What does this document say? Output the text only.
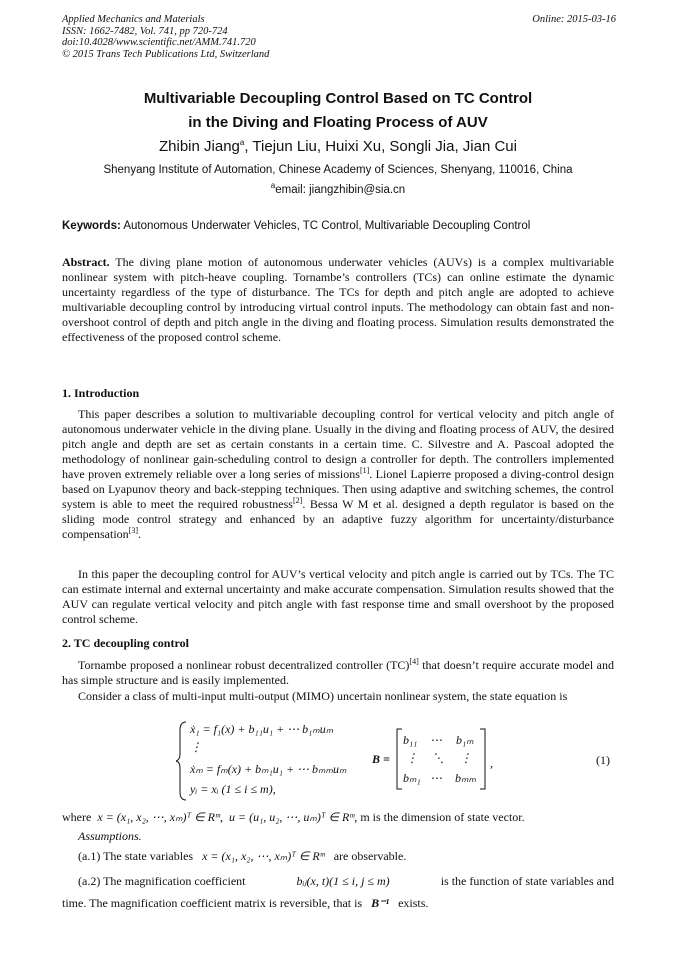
Applied Mechanics and Materials
ISSN: 1662-7482, Vol. 741, pp 720-724
doi:10.4028/www.scientific.net/AMM.741.720
© 2015 Trans Tech Publications Ltd, Switzerland
Online: 2015-03-16
Multivariable Decoupling Control Based on TC Control
in the Diving and Floating Process of AUV
Zhibin Jiang$^a$, Tiejun Liu, Huixi Xu, Songli Jia, Jian Cui
Shenyang Institute of Automation, Chinese Academy of Sciences, Shenyang, 110016, China
$^a$email: jiangzhibin@sia.cn
Keywords: Autonomous Underwater Vehicles, TC Control, Multivariable Decoupling Control
Abstract. The diving plane motion of autonomous underwater vehicles (AUVs) is a complex multivariable nonlinear system with pitch-heave coupling. Tornambe’s controllers (TCs) can online estimate the dynamic uncertainty regardless of the type of disturbance. The TCs for depth and pitch angle are adopted to achieve multivariable decoupling control by introducing virtual control inputs. The methodology can obtain fast and non-overshoot control of depth and pitch angle in the diving and floating process. Simulation results demonstrated the effectiveness of the proposed control scheme.
1. Introduction
This paper describes a solution to multivariable decoupling control for vertical velocity and pitch angle of autonomous underwater vehicle in the diving plane. Usually in the diving and floating process of AUV, the desired pitch angle and depth are set as certain constants in a certain time. C. Silvestre and A. Pascoal adopted the methodology of nonlinear gain-scheduling control to design a controller for depth. The controllers implemented have proven extremely reliable over a long series of missions[1]. Lionel Lapierre proposed a diving-control design based on Lyapunov theory and back-stepping techniques. Then using adaptive and switching schemes, the control system is able to meet the required robustness[2]. Bessa W M et al. designed a depth regulator is based on the sliding mode control strategy and enhanced by an adaptive fuzzy algorithm for uncertainty/disturbance compensation[3].
In this paper the decoupling control for AUV’s vertical velocity and pitch angle is carried out by TCs. The TC can estimate internal and external uncertainty and make accurate compensation. Simulation results showed that the AUV can regulate vertical velocity and pitch angle with fast response time and small overshoot by the proposed control scheme.
2. TC decoupling control
Tornambe proposed a nonlinear robust decentralized controller (TC)[4] that doesn’t require accurate model and has simple structure and is easily implemented.
Consider a class of multi-input multi-output (MIMO) uncertain nonlinear system, the state equation is
ẋ₁ = f₁(x) + b₁₁u₁ + ⋯ b₁ₘuₘ
⋮
ẋₘ = fₘ(x) + bₘ₁u₁ + ⋯ bₘₘuₘ
yᵢ = xᵢ (1 ≤ i ≤ m),
B =
b₁₁ ⋯ b₁ₘ
⋮ ⋱ ⋮
bₘ₁ ⋯ bₘₘ
,	(1)
where x = (x₁, x₂, ⋯, xₘ)ᵀ ∈ Rᵐ, u = (u₁, u₂, ⋯, uₘ)ᵀ ∈ Rᵐ, m is the dimension of state vector.
Assumptions.
(a.1) The state variables x = (x₁, x₂, ⋯, xₘ)ᵀ ∈ Rᵐ are observable.
(a.2) The magnification coefficient	bᵢⱼ(x, t)(1 ≤ i, j ≤ m)	is the function of state variables and
time. The magnification coefficient matrix is reversible, that is B⁻¹ exists.
